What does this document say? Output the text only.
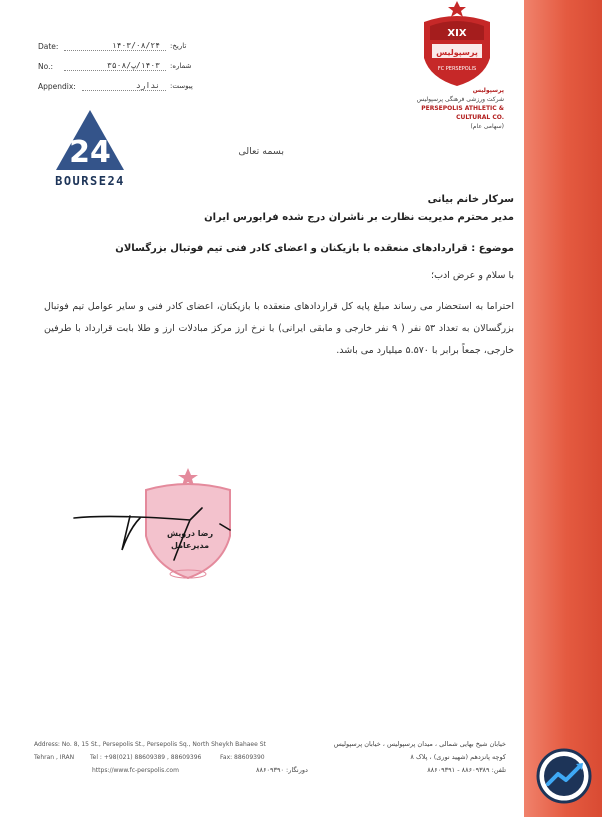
Date:	۱۴۰۳/۰۸/۲۴ تاریخ:
No.:	۱۴۰۳/پ/۳۵۰۸ شماره:
Appendix:	ندارد پیوست:
24
BOURSE24
XIX
پرسپولیس
FC PERSEPOLIS
پرسپولیس
شرکت ورزشی فرهنگی پرسپولیس
PERSEPOLIS ATHLETIC & CULTURAL CO.
(سهامی عام)
بسمه تعالی
سرکار خانم بیانی
مدیر محترم مدیریت نظارت بر ناشران درج شده فرابورس ایران
موضوع : قراردادهای منعقده با بازیکنان و اعضای کادر فنی تیم فوتبال بزرگسالان
با سلام و عرض ادب؛
احتراما به استحضار می رساند مبلغ پایه کل قراردادهای منعقده با بازیکنان، اعضای کادر فنی و سایر عوامل تیم فوتبال بزرگسالان به تعداد ۵۳ نفر ( ۹ نفر خارجی و مابقی ایرانی) با نرخ ارز مرکز مبادلات ارز و طلا بابت قرارداد با طرفین خارجی، جمعاً برابر با ۵.۵۷۰ میلیارد می باشد.
رضا درویش
مدیرعامل
Address: No. 8, 15 St., Persepolis St., Persepolis Sq., North Sheykh Bahaee St
Tehran , IRAN	Tel : +98(021) 88609389 , 88609396	Fax: 88609390
https://www.fc-perspolis.com
خیابان شیخ بهایی شمالی ، میدان پرسپولیس ، خیابان پرسپولیس
کوچه پانزدهم (شهید نوری) ، پلاک ۸
تلفن: ۸۸۶۰۹۳۸۹ - ۸۸۶۰۹۳۹۱
دورنگار: ۸۸۶۰۹۳۹۰
